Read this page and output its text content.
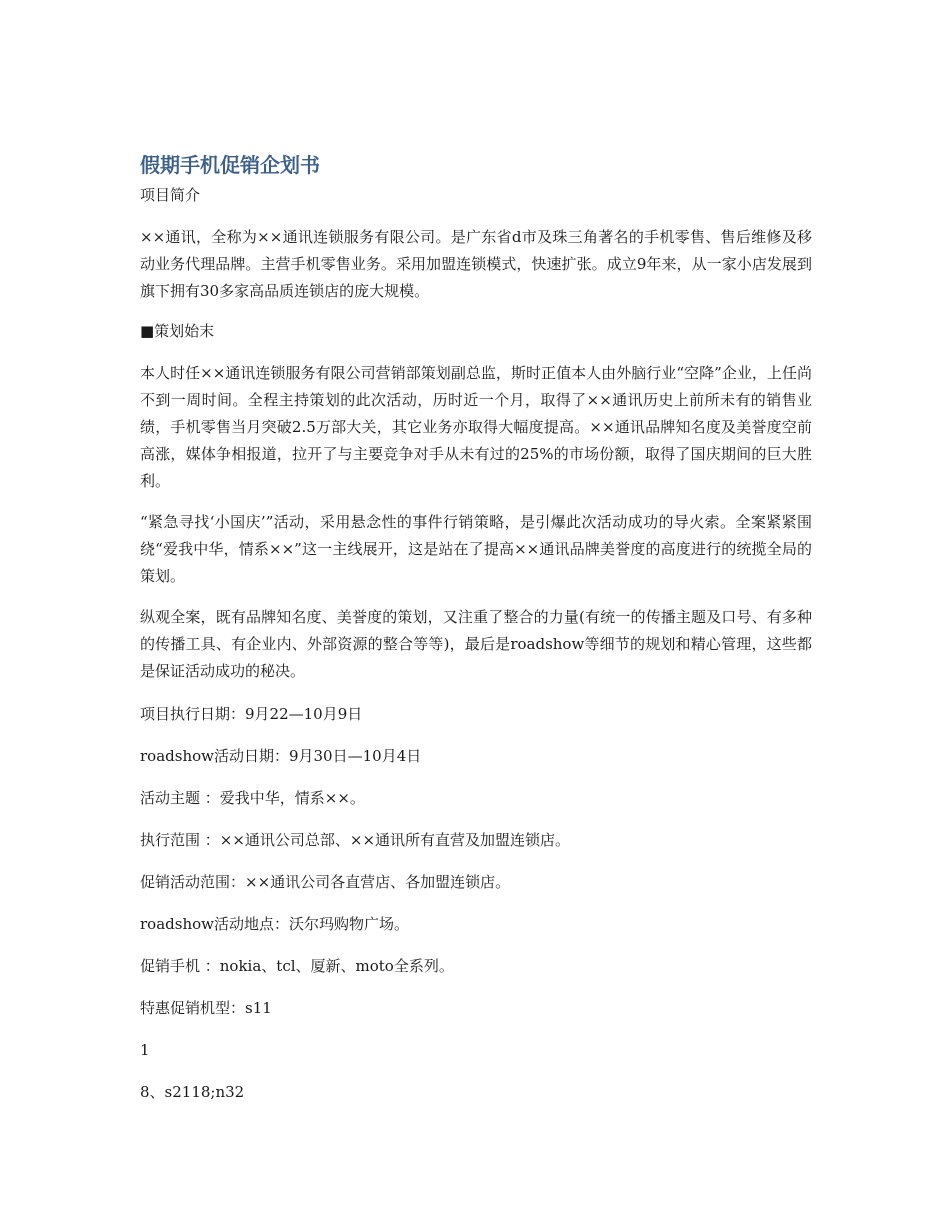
假期手机促销企划书
项目简介

××通讯，全称为××通讯连锁服务有限公司。是广东省d市及珠三角著名的手机零售、售后维修及移动业务代理品牌。主营手机零售业务。采用加盟连锁模式，快速扩张。成立9年来，从一家小店发展到旗下拥有30多家高品质连锁店的庞大规模。

■策划始末

本人时任××通讯连锁服务有限公司营销部策划副总监，斯时正值本人由外脑行业“空降”企业，上任尚不到一周时间。全程主持策划的此次活动，历时近一个月，取得了××通讯历史上前所未有的销售业绩，手机零售当月突破2.5万部大关，其它业务亦取得大幅度提高。××通讯品牌知名度及美誉度空前高涨，媒体争相报道，拉开了与主要竞争对手从未有过的25%的市场份额，取得了国庆期间的巨大胜利。

“紧急寻找‘小国庆’”活动，采用悬念性的事件行销策略，是引爆此次活动成功的导火索。全案紧紧围绕“爱我中华，情系××”这一主线展开，这是站在了提高××通讯品牌美誉度的高度进行的统揽全局的策划。

纵观全案，既有品牌知名度、美誉度的策划，又注重了整合的力量(有统一的传播主题及口号、有多种的传播工具、有企业内、外部资源的整合等等)，最后是roadshow等细节的规划和精心管理，这些都是保证活动成功的秘决。

项目执行日期：9月22—10月9日
roadshow活动日期：9月30日—10月4日
活动主题 ：爱我中华，情系××。
执行范围 ：××通讯公司总部、××通讯所有直营及加盟连锁店。
促销活动范围：××通讯公司各直营店、各加盟连锁店。
roadshow活动地点：沃尔玛购物广场。
促销手机 ：nokia、tcl、厦新、moto全系列。
特惠促销机型：s11
1
8、s2118;n32
